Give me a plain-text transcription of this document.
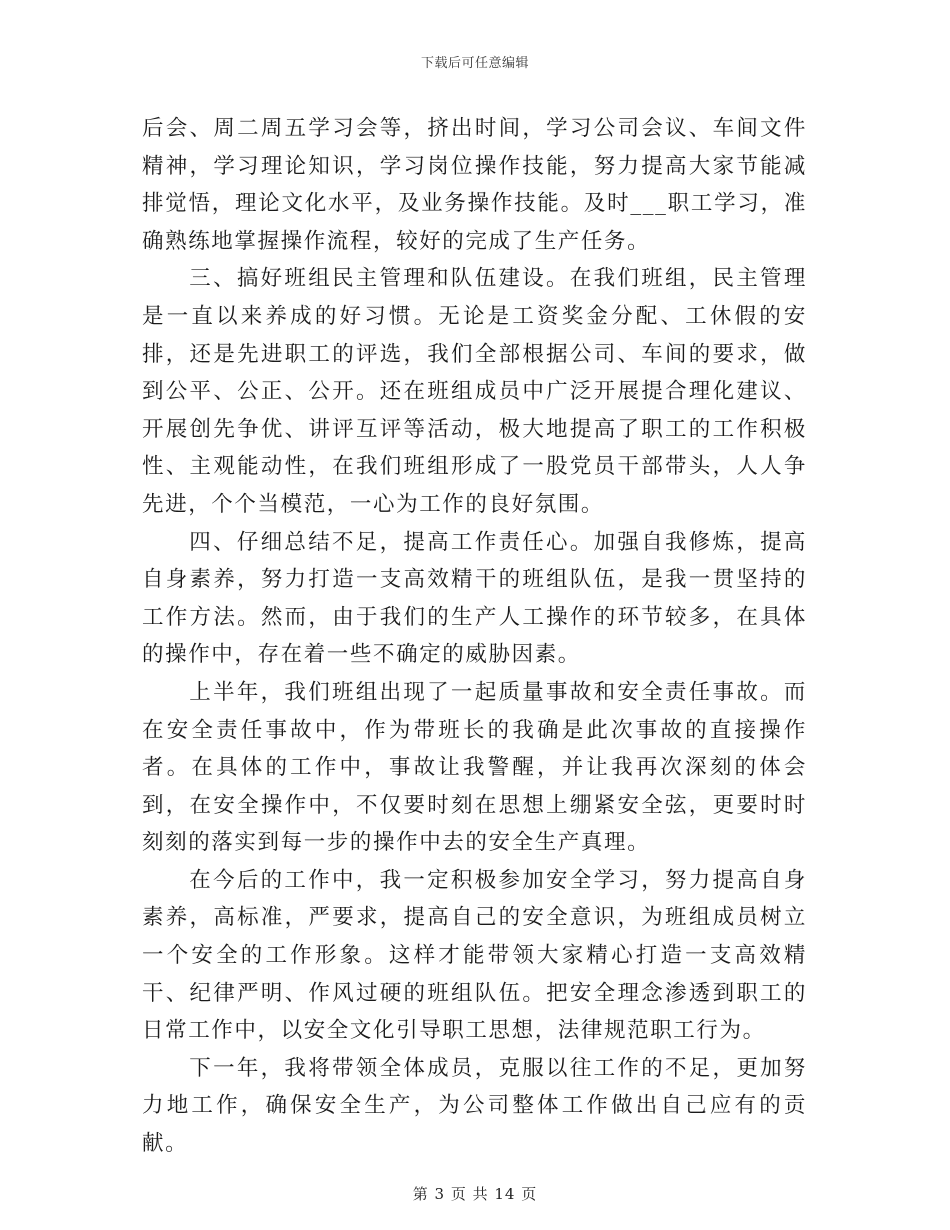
下载后可任意编辑

后会、周二周五学习会等，挤出时间，学习公司会议、车间文件精神，学习理论知识，学习岗位操作技能，努力提高大家节能减排觉悟，理论文化水平，及业务操作技能。及时___职工学习，准确熟练地掌握操作流程，较好的完成了生产任务。

三、搞好班组民主管理和队伍建设。在我们班组，民主管理是一直以来养成的好习惯。无论是工资奖金分配、工休假的安排，还是先进职工的评选，我们全部根据公司、车间的要求，做到公平、公正、公开。还在班组成员中广泛开展提合理化建议、开展创先争优、讲评互评等活动，极大地提高了职工的工作积极性、主观能动性，在我们班组形成了一股党员干部带头，人人争先进，个个当模范，一心为工作的良好氛围。

四、仔细总结不足，提高工作责任心。加强自我修炼，提高自身素养，努力打造一支高效精干的班组队伍，是我一贯坚持的工作方法。然而，由于我们的生产人工操作的环节较多，在具体的操作中，存在着一些不确定的威胁因素。

上半年，我们班组出现了一起质量事故和安全责任事故。而在安全责任事故中，作为带班长的我确是此次事故的直接操作者。在具体的工作中，事故让我警醒，并让我再次深刻的体会到，在安全操作中，不仅要时刻在思想上绷紧安全弦，更要时时刻刻的落实到每一步的操作中去的安全生产真理。

在今后的工作中，我一定积极参加安全学习，努力提高自身素养，高标准，严要求，提高自己的安全意识，为班组成员树立一个安全的工作形象。这样才能带领大家精心打造一支高效精干、纪律严明、作风过硬的班组队伍。把安全理念渗透到职工的日常工作中，以安全文化引导职工思想，法律规范职工行为。

下一年，我将带领全体成员，克服以往工作的不足，更加努力地工作，确保安全生产，为公司整体工作做出自己应有的贡献。

第 3 页 共 14 页
